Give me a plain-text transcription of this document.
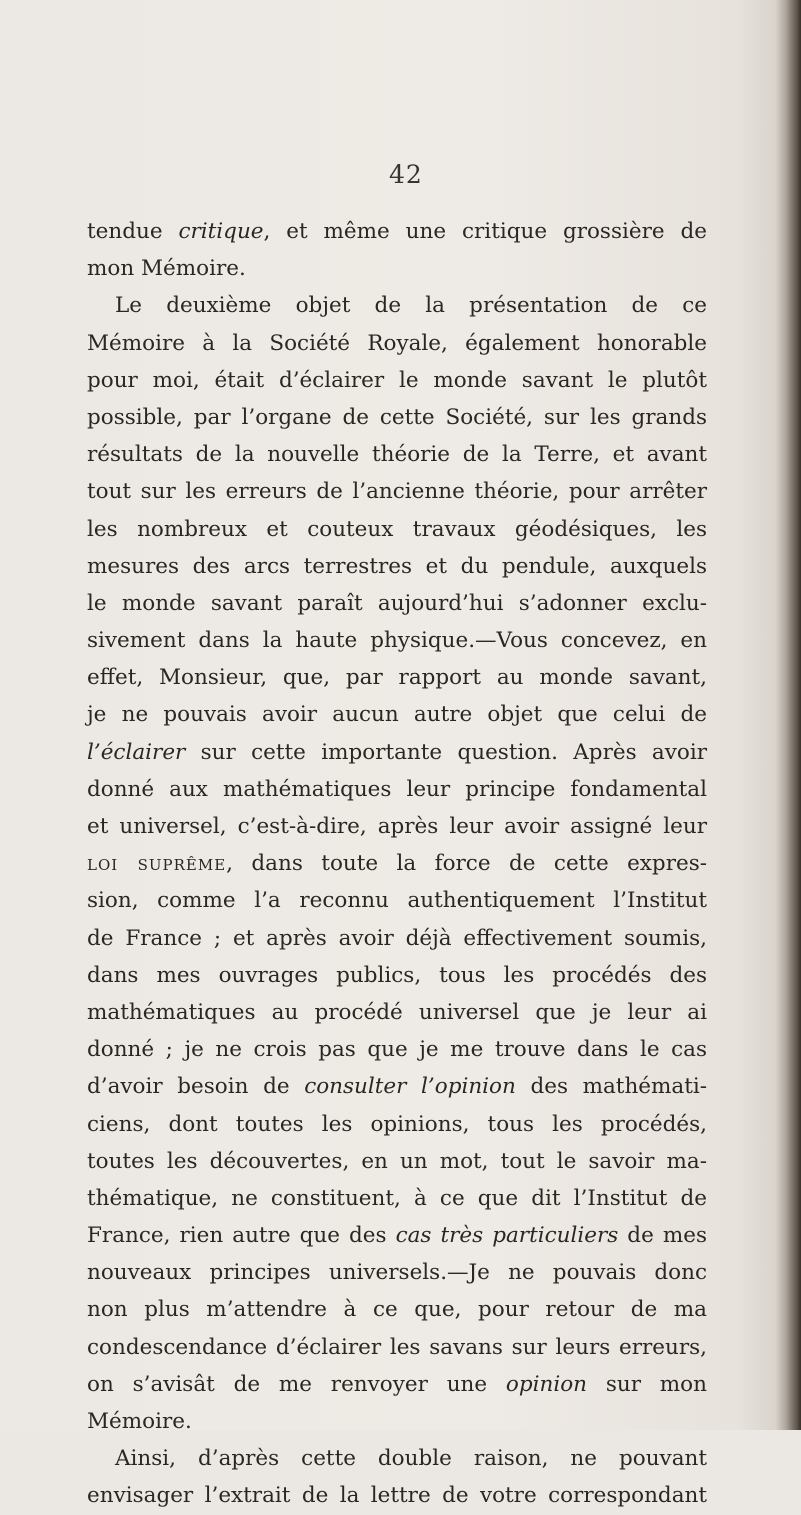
42
tendue critique, et même une critique grossière de
mon Mémoire.
Le deuxième objet de la présentation de ce
Mémoire à la Société Royale, également honorable
pour moi, était d’éclairer le monde savant le plutôt
possible, par l’organe de cette Société, sur les grands
résultats de la nouvelle théorie de la Terre, et avant
tout sur les erreurs de l’ancienne théorie, pour arrêter
les nombreux et couteux travaux géodésiques, les
mesures des arcs terrestres et du pendule, auxquels
le monde savant paraît aujourd’hui s’adonner exclu-
sivement dans la haute physique.—Vous concevez, en
effet, Monsieur, que, par rapport au monde savant,
je ne pouvais avoir aucun autre objet que celui de
l’éclairer sur cette importante question. Après avoir
donné aux mathématiques leur principe fondamental
et universel, c’est-à-dire, après leur avoir assigné leur
loi suprême, dans toute la force de cette expres-
sion, comme l’a reconnu authentiquement l’Institut
de France ; et après avoir déjà effectivement soumis,
dans mes ouvrages publics, tous les procédés des
mathématiques au procédé universel que je leur ai
donné ; je ne crois pas que je me trouve dans le cas
d’avoir besoin de consulter l’opinion des mathémati-
ciens, dont toutes les opinions, tous les procédés,
toutes les découvertes, en un mot, tout le savoir ma-
thématique, ne constituent, à ce que dit l’Institut de
France, rien autre que des cas très particuliers de mes
nouveaux principes universels.—Je ne pouvais donc
non plus m’attendre à ce que, pour retour de ma
condescendance d’éclairer les savans sur leurs erreurs,
on s’avisât de me renvoyer une opinion sur mon
Mémoire.
Ainsi, d’après cette double raison, ne pouvant
envisager l’extrait de la lettre de votre correspondant
